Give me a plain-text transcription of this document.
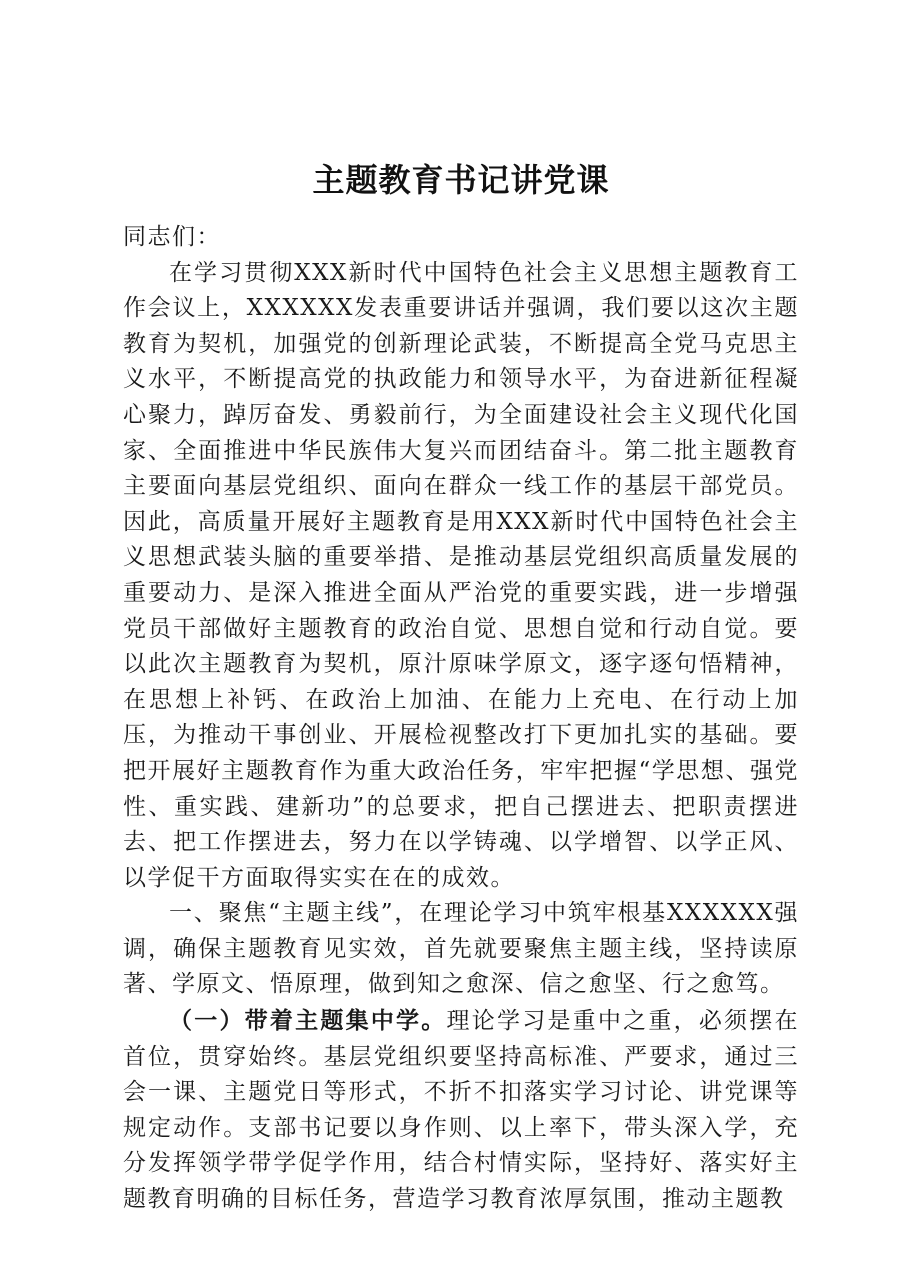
主题教育书记讲党课

同志们：

在学习贯彻XXX新时代中国特色社会主义思想主题教育工作会议上，XXXXXX发表重要讲话并强调，我们要以这次主题教育为契机，加强党的创新理论武装，不断提高全党马克思主义水平，不断提高党的执政能力和领导水平，为奋进新征程凝心聚力，踔厉奋发、勇毅前行，为全面建设社会主义现代化国家、全面推进中华民族伟大复兴而团结奋斗。第二批主题教育主要面向基层党组织、面向在群众一线工作的基层干部党员。因此，高质量开展好主题教育是用XXX新时代中国特色社会主义思想武装头脑的重要举措、是推动基层党组织高质量发展的重要动力、是深入推进全面从严治党的重要实践，进一步增强党员干部做好主题教育的政治自觉、思想自觉和行动自觉。要以此次主题教育为契机，原汁原味学原文，逐字逐句悟精神，在思想上补钙、在政治上加油、在能力上充电、在行动上加压，为推动干事创业、开展检视整改打下更加扎实的基础。要把开展好主题教育作为重大政治任务，牢牢把握“学思想、强党性、重实践、建新功”的总要求，把自己摆进去、把职责摆进去、把工作摆进去，努力在以学铸魂、以学增智、以学正风、以学促干方面取得实实在在的成效。

一、聚焦“主题主线”，在理论学习中筑牢根基XXXXXX强调，确保主题教育见实效，首先就要聚焦主题主线，坚持读原著、学原文、悟原理，做到知之愈深、信之愈坚、行之愈笃。

（一）带着主题集中学。理论学习是重中之重，必须摆在首位，贯穿始终。基层党组织要坚持高标准、严要求，通过三会一课、主题党日等形式，不折不扣落实学习讨论、讲党课等规定动作。支部书记要以身作则、以上率下，带头深入学，充分发挥领学带学促学作用，结合村情实际，坚持好、落实好主题教育明确的目标任务，营造学习教育浓厚氛围，推动主题教
